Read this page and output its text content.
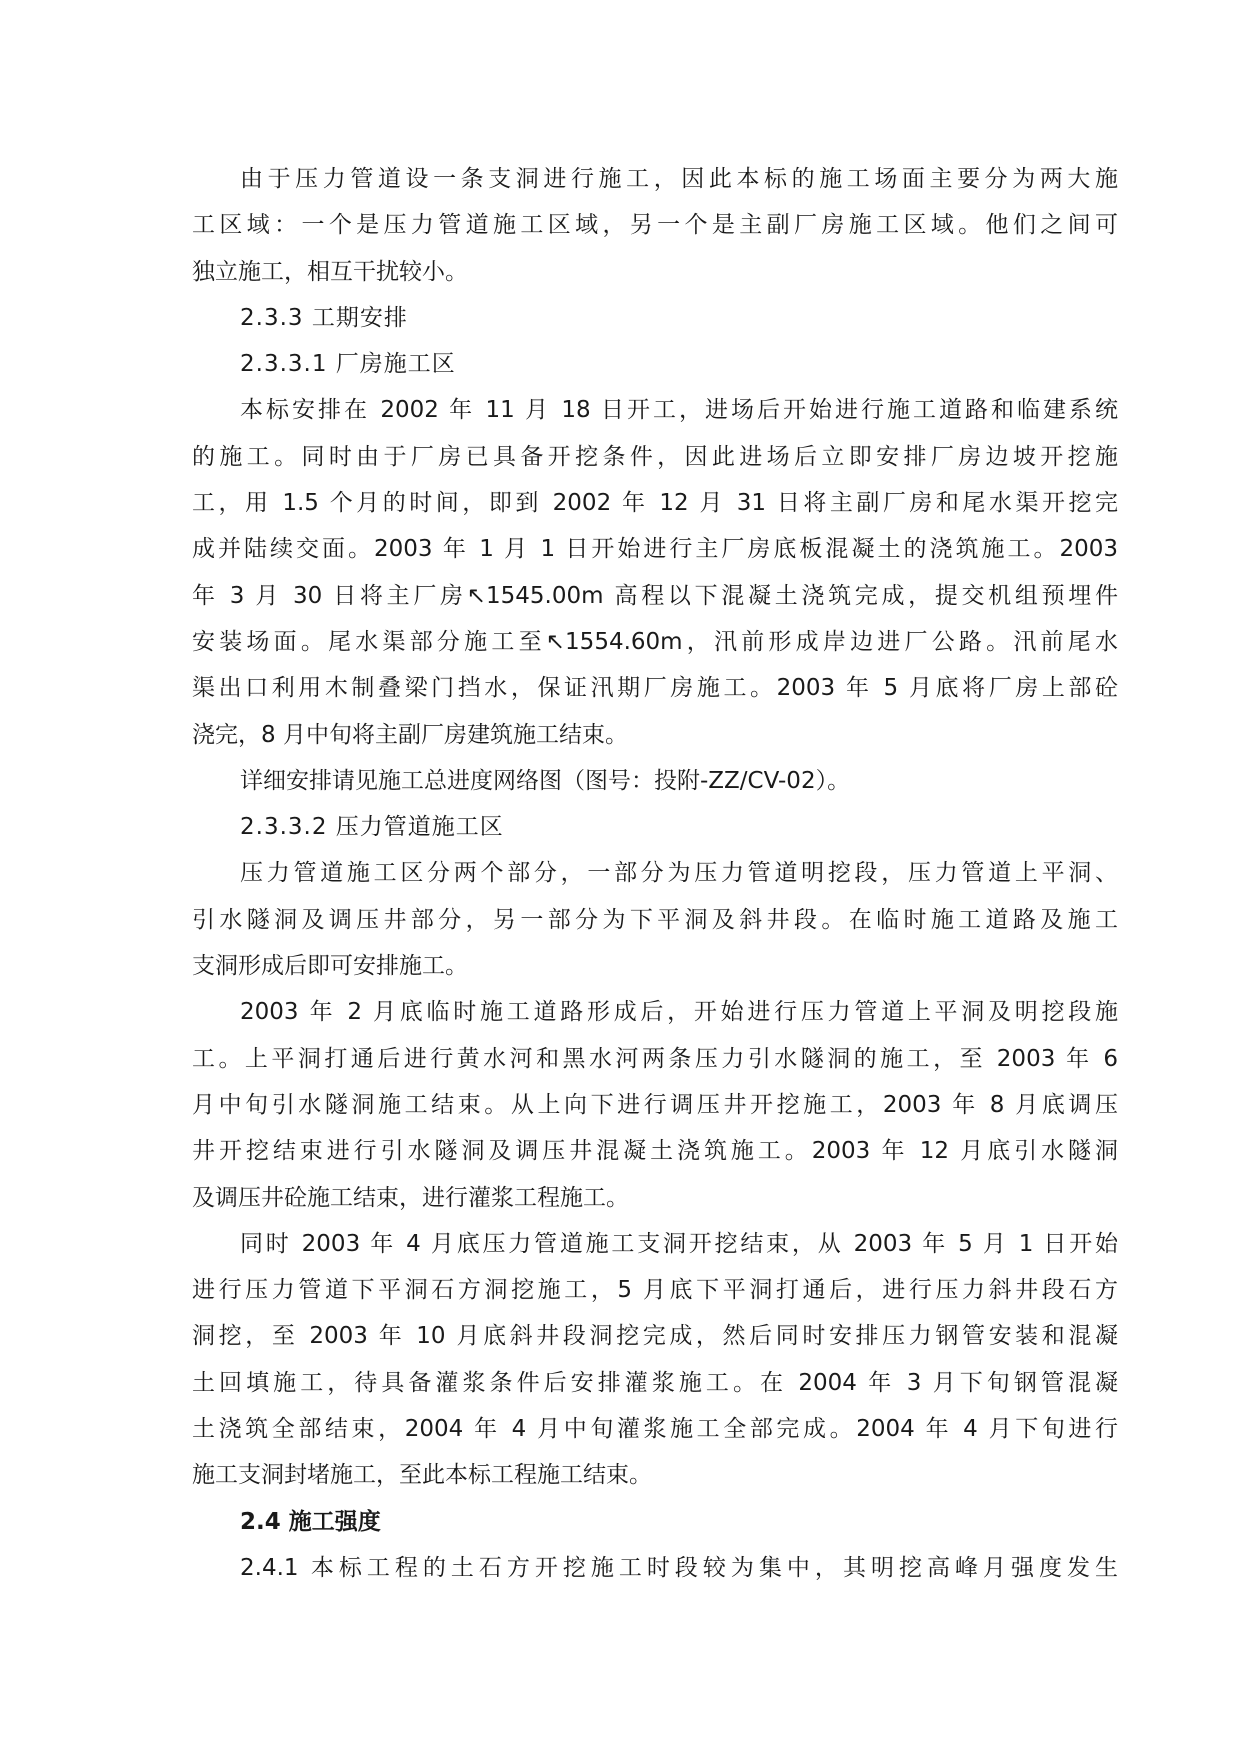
由于压力管道设一条支洞进行施工，因此本标的施工场面主要分为两大施
工区域：一个是压力管道施工区域，另一个是主副厂房施工区域。他们之间可
独立施工，相互干扰较小。
2.3.3 工期安排
2.3.3.1 厂房施工区
本标安排在 2002 年 11 月 18 日开工，进场后开始进行施工道路和临建系统
的施工。同时由于厂房已具备开挖条件，因此进场后立即安排厂房边坡开挖施
工，用 1.5 个月的时间，即到 2002 年 12 月 31 日将主副厂房和尾水渠开挖完
成并陆续交面。2003 年 1 月 1 日开始进行主厂房底板混凝土的浇筑施工。2003
年 3 月 30 日将主厂房↖1545.00m 高程以下混凝土浇筑完成，提交机组预埋件
安装场面。尾水渠部分施工至↖1554.60m，汛前形成岸边进厂公路。汛前尾水
渠出口利用木制叠梁门挡水，保证汛期厂房施工。2003 年 5 月底将厂房上部砼
浇完，8 月中旬将主副厂房建筑施工结束。
详细安排请见施工总进度网络图（图号：投附-ZZ/CV-02）。
2.3.3.2 压力管道施工区
压力管道施工区分两个部分，一部分为压力管道明挖段，压力管道上平洞、
引水隧洞及调压井部分，另一部分为下平洞及斜井段。在临时施工道路及施工
支洞形成后即可安排施工。
2003 年 2 月底临时施工道路形成后，开始进行压力管道上平洞及明挖段施
工。上平洞打通后进行黄水河和黑水河两条压力引水隧洞的施工，至 2003 年 6
月中旬引水隧洞施工结束。从上向下进行调压井开挖施工，2003 年 8 月底调压
井开挖结束进行引水隧洞及调压井混凝土浇筑施工。2003 年 12 月底引水隧洞
及调压井砼施工结束，进行灌浆工程施工。
同时 2003 年 4 月底压力管道施工支洞开挖结束，从 2003 年 5 月 1 日开始
进行压力管道下平洞石方洞挖施工，5 月底下平洞打通后，进行压力斜井段石方
洞挖，至 2003 年 10 月底斜井段洞挖完成，然后同时安排压力钢管安装和混凝
土回填施工，待具备灌浆条件后安排灌浆施工。在 2004 年 3 月下旬钢管混凝
土浇筑全部结束，2004 年 4 月中旬灌浆施工全部完成。2004 年 4 月下旬进行
施工支洞封堵施工，至此本标工程施工结束。
2.4 施工强度
2.4.1 本标工程的土石方开挖施工时段较为集中，其明挖高峰月强度发生
